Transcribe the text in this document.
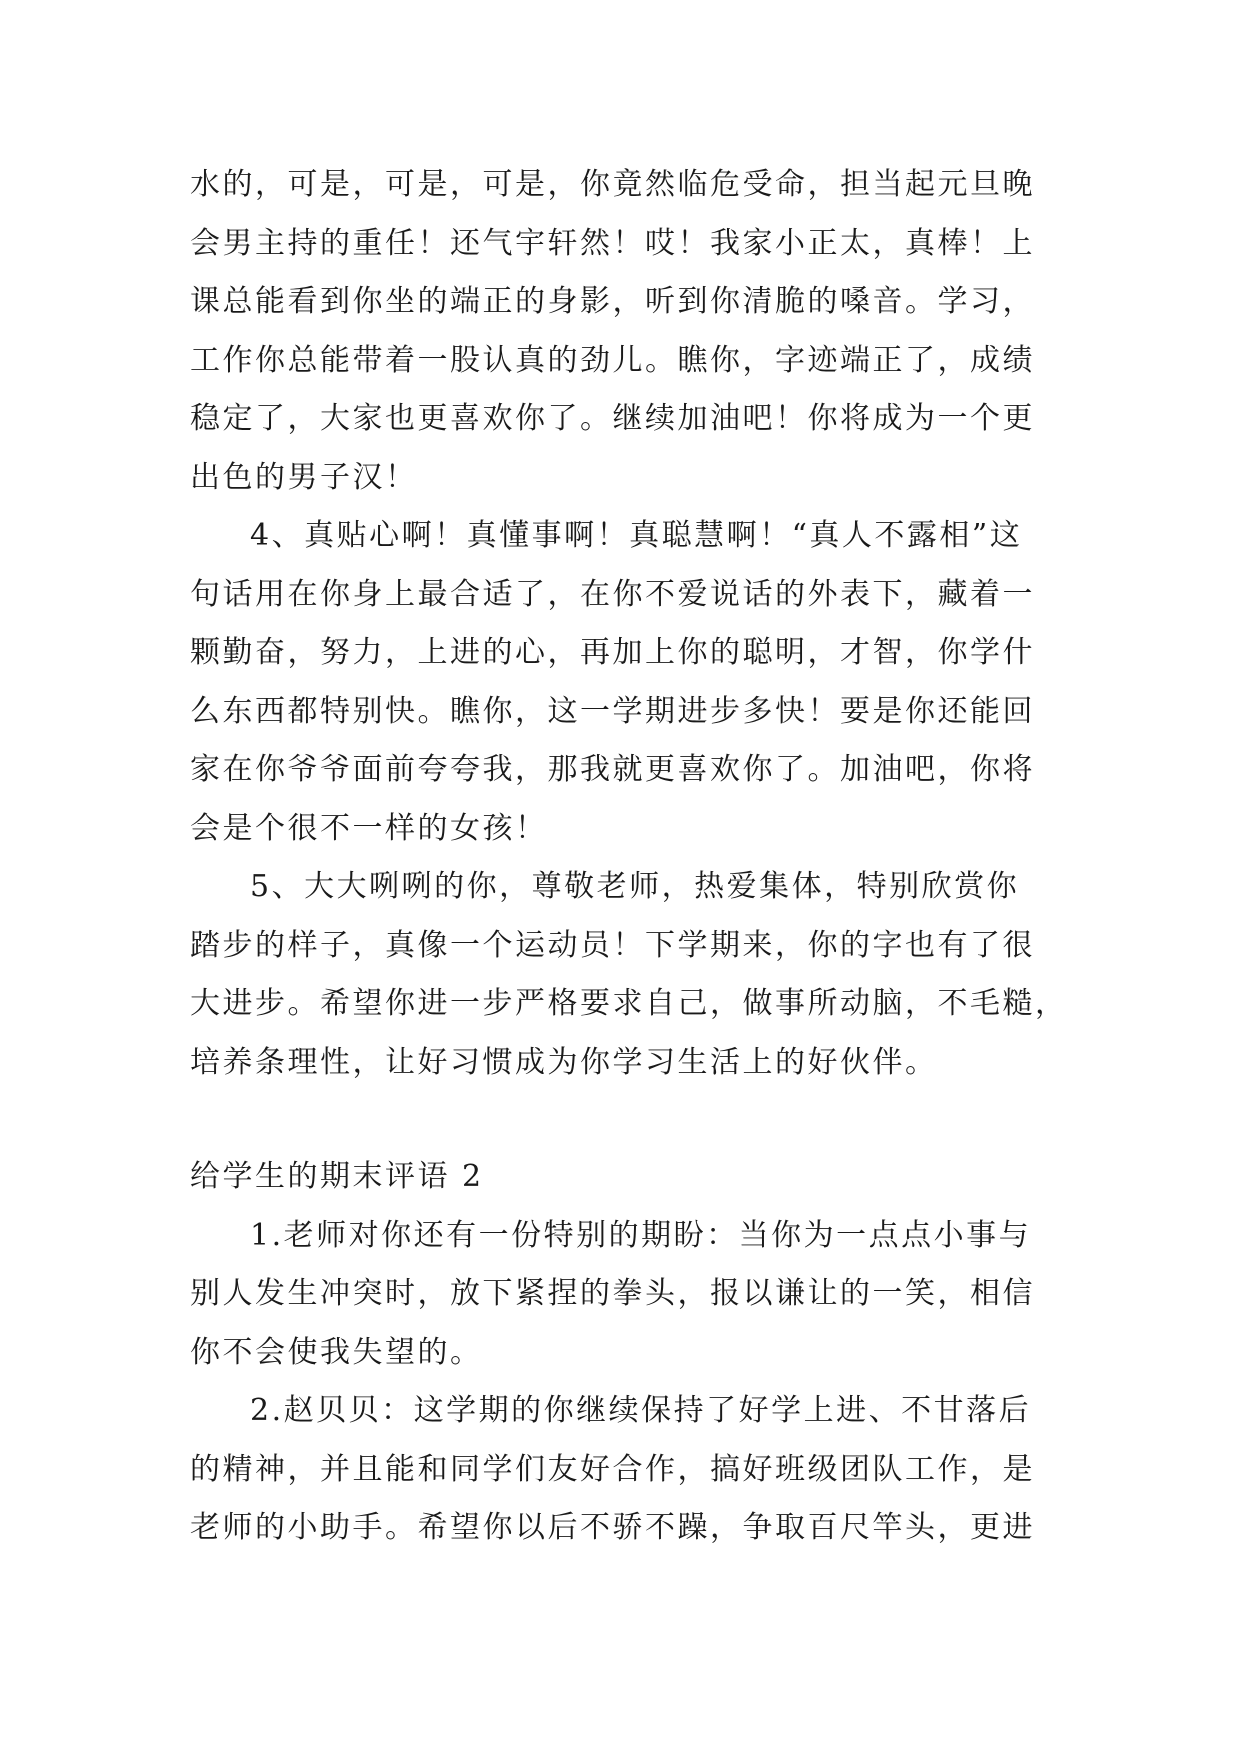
水的，可是，可是，可是，你竟然临危受命，担当起元旦晚
会男主持的重任！还气宇轩然！哎！我家小正太，真棒！上
课总能看到你坐的端正的身影，听到你清脆的嗓音。学习，
工作你总能带着一股认真的劲儿。瞧你，字迹端正了，成绩
稳定了，大家也更喜欢你了。继续加油吧！你将成为一个更
出色的男子汉！
4、真贴心啊！真懂事啊！真聪慧啊！“真人不露相”这
句话用在你身上最合适了，在你不爱说话的外表下，藏着一
颗勤奋，努力，上进的心，再加上你的聪明，才智，你学什
么东西都特别快。瞧你，这一学期进步多快！要是你还能回
家在你爷爷面前夸夸我，那我就更喜欢你了。加油吧，你将
会是个很不一样的女孩！
5、大大咧咧的你，尊敬老师，热爱集体，特别欣赏你
踏步的样子，真像一个运动员！下学期来，你的字也有了很
大进步。希望你进一步严格要求自己，做事所动脑，不毛糙，
培养条理性，让好习惯成为你学习生活上的好伙伴。
给学生的期末评语 2
1.老师对你还有一份特别的期盼：当你为一点点小事与
别人发生冲突时，放下紧捏的拳头，报以谦让的一笑，相信
你不会使我失望的。
2.赵贝贝：这学期的你继续保持了好学上进、不甘落后
的精神，并且能和同学们友好合作，搞好班级团队工作，是
老师的小助手。希望你以后不骄不躁，争取百尺竿头，更进
